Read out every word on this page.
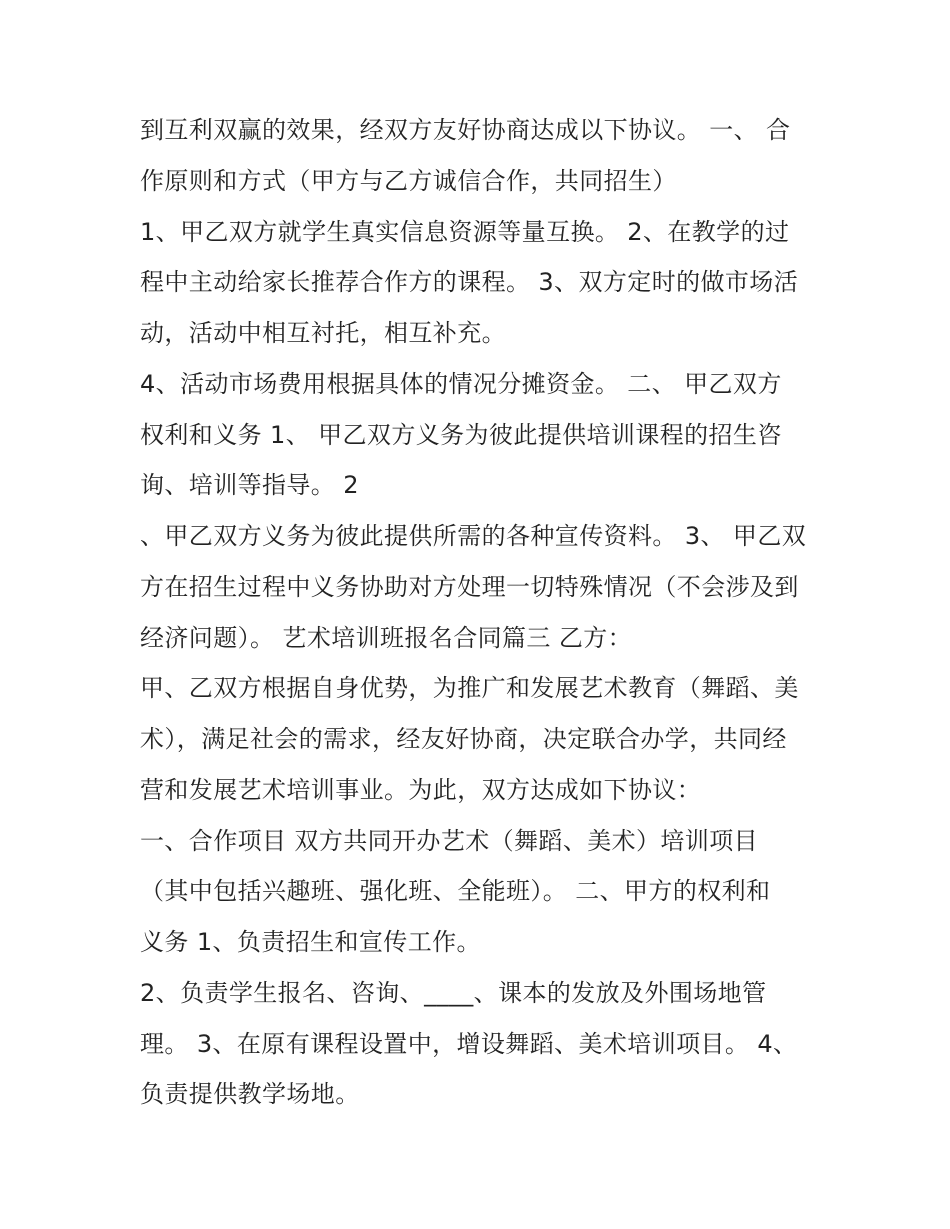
到互利双赢的效果，经双方友好协商达成以下协议。 一、 合
作原则和方式（甲方与乙方诚信合作，共同招生）
1、甲乙双方就学生真实信息资源等量互换。 2、在教学的过
程中主动给家长推荐合作方的课程。 3、双方定时的做市场活
动，活动中相互衬托，相互补充。
4、活动市场费用根据具体的情况分摊资金。 二、 甲乙双方
权利和义务 1、 甲乙双方义务为彼此提供培训课程的招生咨
询、培训等指导。 2
、甲乙双方义务为彼此提供所需的各种宣传资料。 3、 甲乙双
方在招生过程中义务协助对方处理一切特殊情况（不会涉及到
经济问题）。 艺术培训班报名合同篇三 乙方：
甲、乙双方根据自身优势，为推广和发展艺术教育（舞蹈、美
术），满足社会的需求，经友好协商，决定联合办学，共同经
营和发展艺术培训事业。为此，双方达成如下协议：
一、合作项目 双方共同开办艺术（舞蹈、美术）培训项目
（其中包括兴趣班、强化班、全能班）。 二、甲方的权利和
义务 1、负责招生和宣传工作。
2、负责学生报名、咨询、____、课本的发放及外围场地管
理。 3、在原有课程设置中，增设舞蹈、美术培训项目。 4、
负责提供教学场地。
